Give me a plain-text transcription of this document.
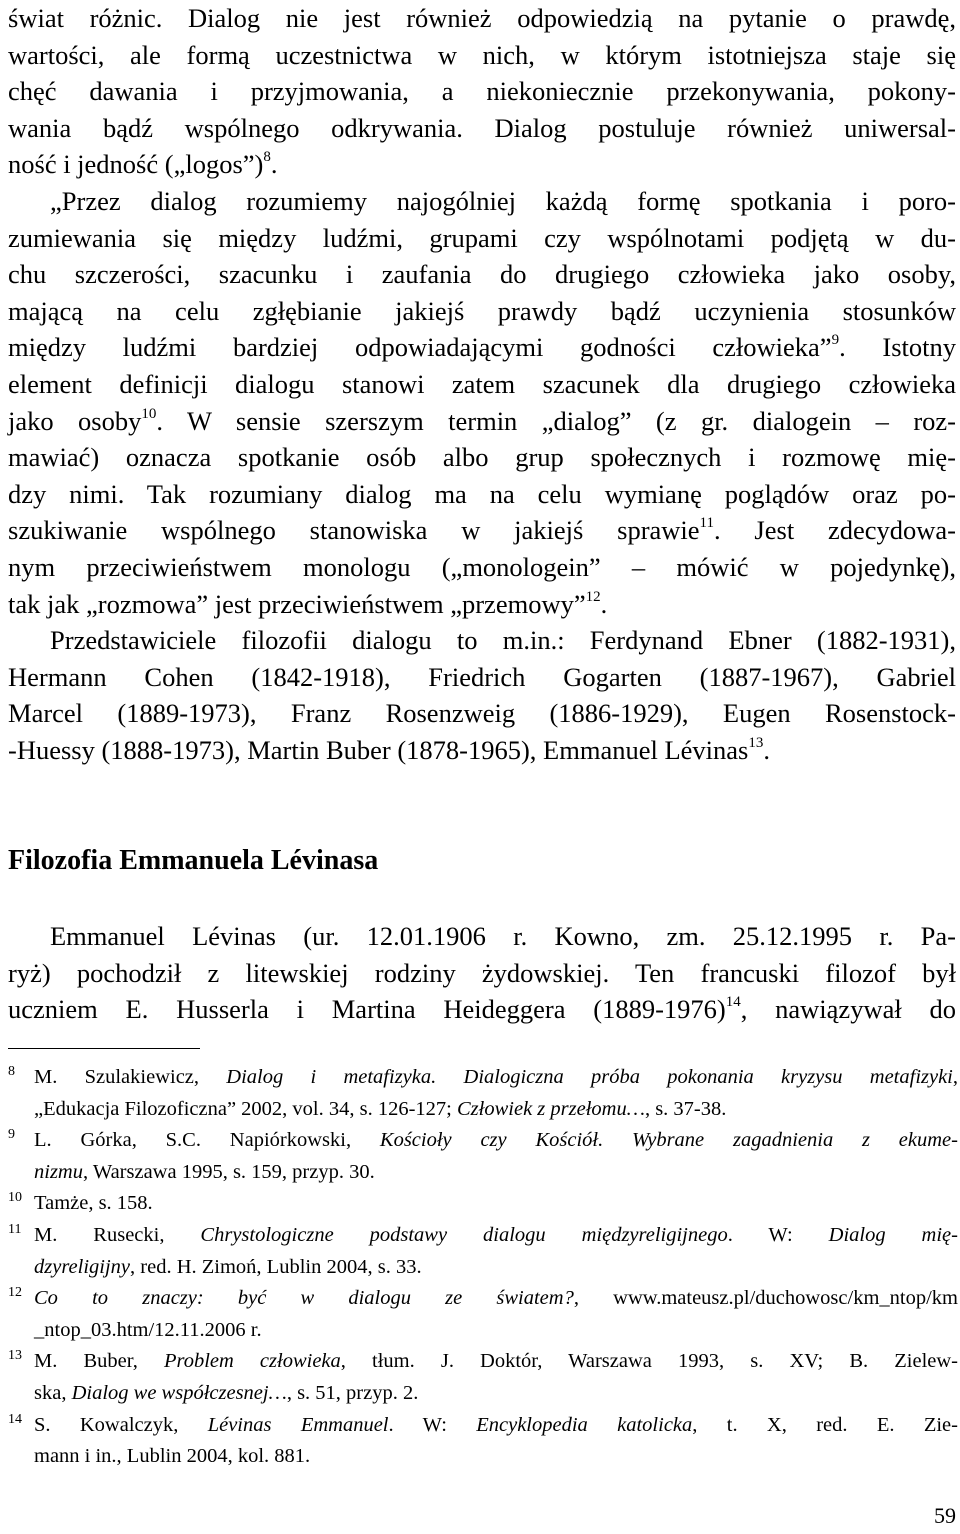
świat różnic. Dialog nie jest również odpowiedzią na pytanie o prawdę,
wartości, ale formą uczestnictwa w nich, w którym istotniejsza staje się
chęć dawania i przyjmowania, a niekoniecznie przekonywania, pokony-
wania bądź wspólnego odkrywania. Dialog postuluje również uniwersal-
ność i jedność („logos”)$^8$.
„Przez dialog rozumiemy najogólniej każdą formę spotkania i poro-
zumiewania się między ludźmi, grupami czy wspólnotami podjętą w du-
chu szczerości, szacunku i zaufania do drugiego człowieka jako osoby,
mającą na celu zgłębianie jakiejś prawdy bądź uczynienia stosunków
między ludźmi bardziej odpowiadającymi godności człowieka”$^9$. Istotny
element definicji dialogu stanowi zatem szacunek dla drugiego człowieka
jako osoby$^{10}$. W sensie szerszym termin „dialog” (z gr. dialogein – roz-
mawiać) oznacza spotkanie osób albo grup społecznych i rozmowę mię-
dzy nimi. Tak rozumiany dialog ma na celu wymianę poglądów oraz po-
szukiwanie wspólnego stanowiska w jakiejś sprawie$^{11}$. Jest zdecydowa-
nym przeciwieństwem monologu („monologein” – mówić w pojedynkę),
tak jak „rozmowa” jest przeciwieństwem „przemowy”$^{12}$.
Przedstawiciele filozofii dialogu to m.in.: Ferdynand Ebner (1882-1931),
Hermann Cohen (1842-1918), Friedrich Gogarten (1887-1967), Gabriel
Marcel (1889-1973), Franz Rosenzweig (1886-1929), Eugen Rosenstock-
-Huessy (1888-1973), Martin Buber (1878-1965), Emmanuel Lévinas$^{13}$.
Filozofia Emmanuela Lévinasa
Emmanuel Lévinas (ur. 12.01.1906 r. Kowno, zm. 25.12.1995 r. Pa-
ryż) pochodził z litewskiej rodziny żydowskiej. Ten francuski filozof był
uczniem E. Husserla i Martina Heideggera (1889-1976)$^{14}$, nawiązywał do
8 M. Szulakiewicz, Dialog i metafizyka. Dialogiczna próba pokonania kryzysu metafizyki,
„Edukacja Filozoficzna” 2002, vol. 34, s. 126-127; Człowiek z przełomu…, s. 37-38.
9 L. Górka, S.C. Napiórkowski, Kościoły czy Kościół. Wybrane zagadnienia z ekume-
nizmu, Warszawa 1995, s. 159, przyp. 30.
10 Tamże, s. 158.
11 M. Rusecki, Chrystologiczne podstawy dialogu międzyreligijnego. W: Dialog mię-
dzyreligijny, red. H. Zimoń, Lublin 2004, s. 33.
12 Co to znaczy: być w dialogu ze światem?, www.mateusz.pl/duchowosc/km_ntop/km
_ntop_03.htm/12.11.2006 r.
13 M. Buber, Problem człowieka, tłum. J. Doktór, Warszawa 1993, s. XV; B. Zielew-
ska, Dialog we współczesnej…, s. 51, przyp. 2.
14 S. Kowalczyk, Lévinas Emmanuel. W: Encyklopedia katolicka, t. X, red. E. Zie-
mann i in., Lublin 2004, kol. 881.

59
